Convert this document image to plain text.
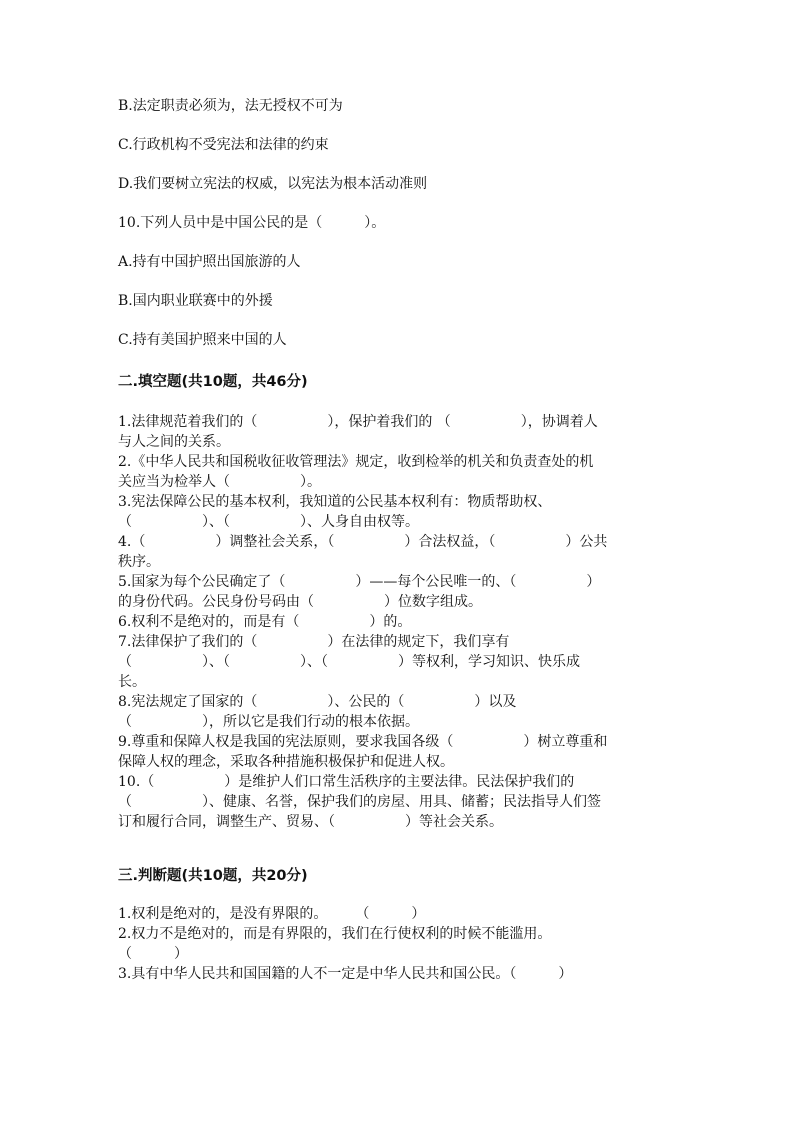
B.法定职责必须为，法无授权不可为

C.行政机构不受宪法和法律的约束

D.我们要树立宪法的权威，以宪法为根本活动准则

10.下列人员中是中国公民的是（　　　）。

A.持有中国护照出国旅游的人

B.国内职业联赛中的外援

C.持有美国护照来中国的人

二.填空题(共10题，共46分)

1.法律规范着我们的（　　　　　），保护着我们的 （　　　　　），协调着人

与人之间的关系。

2.《中华人民共和国税收征收管理法》规定，收到检举的机关和负责查处的机

关应当为检举人（　　　　　）。

3.宪法保障公民的基本权利，我知道的公民基本权利有：物质帮助权、

（　　　　　）、（　　　　　）、人身自由权等。

4.（　　　　　）调整社会关系，（　　　　　）合法权益，（　　　　　）公共

秩序。

5.国家为每个公民确定了（　　　　　）——每个公民唯一的、（　　　　　）

的身份代码。公民身份号码由（　　　　　）位数字组成。

6.权利不是绝对的，而是有（　　　　　）的。

7.法律保护了我们的（　　　　　）在法律的规定下，我们享有

（　　　　　）、（　　　　　）、（　　　　　）等权利，学习知识、快乐成

长。

8.宪法规定了国家的（　　　　　）、公民的（　　　　　）以及

（　　　　　），所以它是我们行动的根本依据。

9.尊重和保障人权是我国的宪法原则，要求我国各级（　　　　　）树立尊重和

保障人权的理念，采取各种措施积极保护和促进人权。

10.（　　　　　）是维护人们口常生活秩序的主要法律。民法保护我们的

（　　　　　）、健康、名誉，保护我们的房屋、用具、储蓄；民法指导人们签

订和履行合同，调整生产、贸易、（　　　　　）等社会关系。

三.判断题(共10题，共20分)

1.权利是绝对的，是没有界限的。　　　（　　　）

2.权力不是绝对的，而是有界限的，我们在行使权利的时候不能滥用。

（　　　）

3.具有中华人民共和国国籍的人不一定是中华人民共和国公民。（　　　）
